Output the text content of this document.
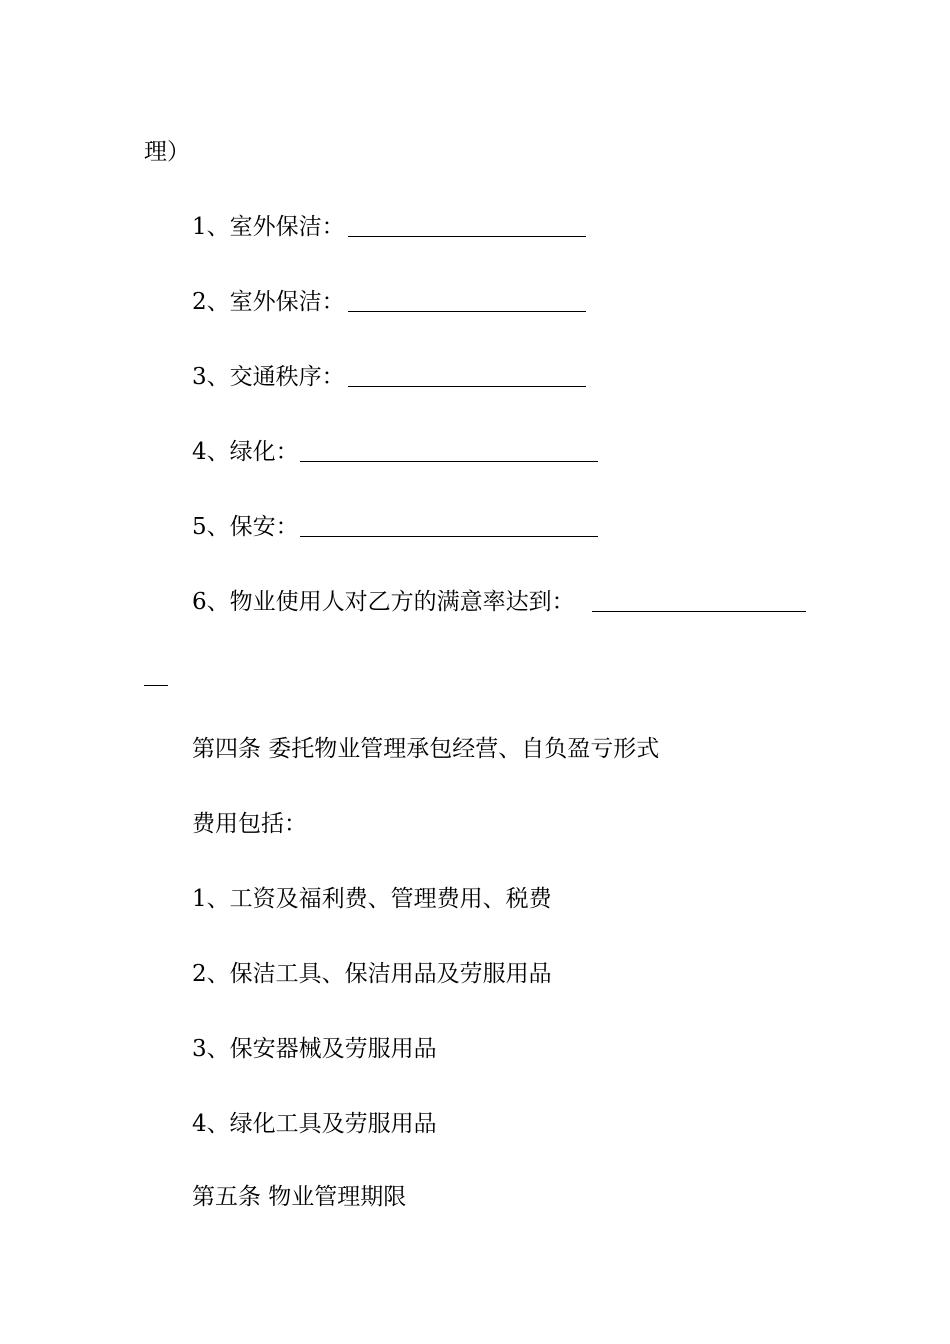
理）
1、室外保洁：
2、室外保洁：
3、交通秩序：
4、绿化：
5、保安：
6、物业使用人对乙方的满意率达到：
第四条 委托物业管理承包经营、自负盈亏形式
费用包括：
1、工资及福利费、管理费用、税费
2、保洁工具、保洁用品及劳服用品
3、保安器械及劳服用品
4、绿化工具及劳服用品
第五条 物业管理期限
